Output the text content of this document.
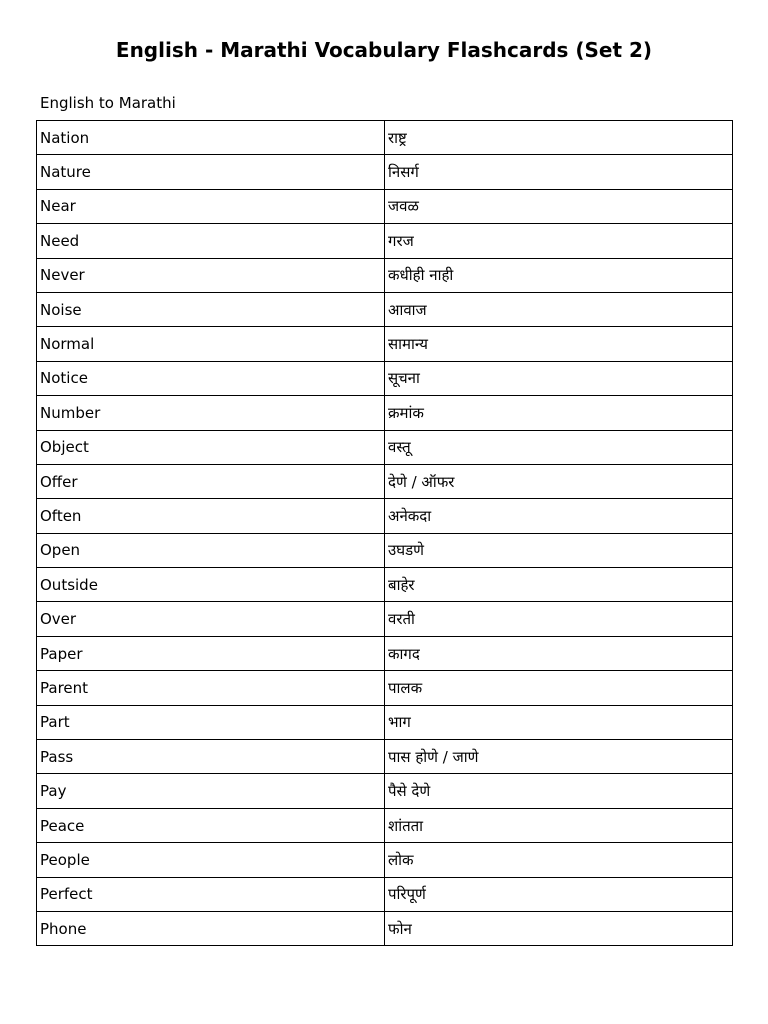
English - Marathi Vocabulary Flashcards (Set 2)

English to Marathi

Nation	राष्ट्र
Nature	निसर्ग
Near	जवळ
Need	गरज
Never	कधीही नाही
Noise	आवाज
Normal	सामान्य
Notice	सूचना
Number	क्रमांक
Object	वस्तू
Offer	देणे / ऑफर
Often	अनेकदा
Open	उघडणे
Outside	बाहेर
Over	वरती
Paper	कागद
Parent	पालक
Part	भाग
Pass	पास होणे / जाणे
Pay	पैसे देणे
Peace	शांतता
People	लोक
Perfect	परिपूर्ण
Phone	फोन
